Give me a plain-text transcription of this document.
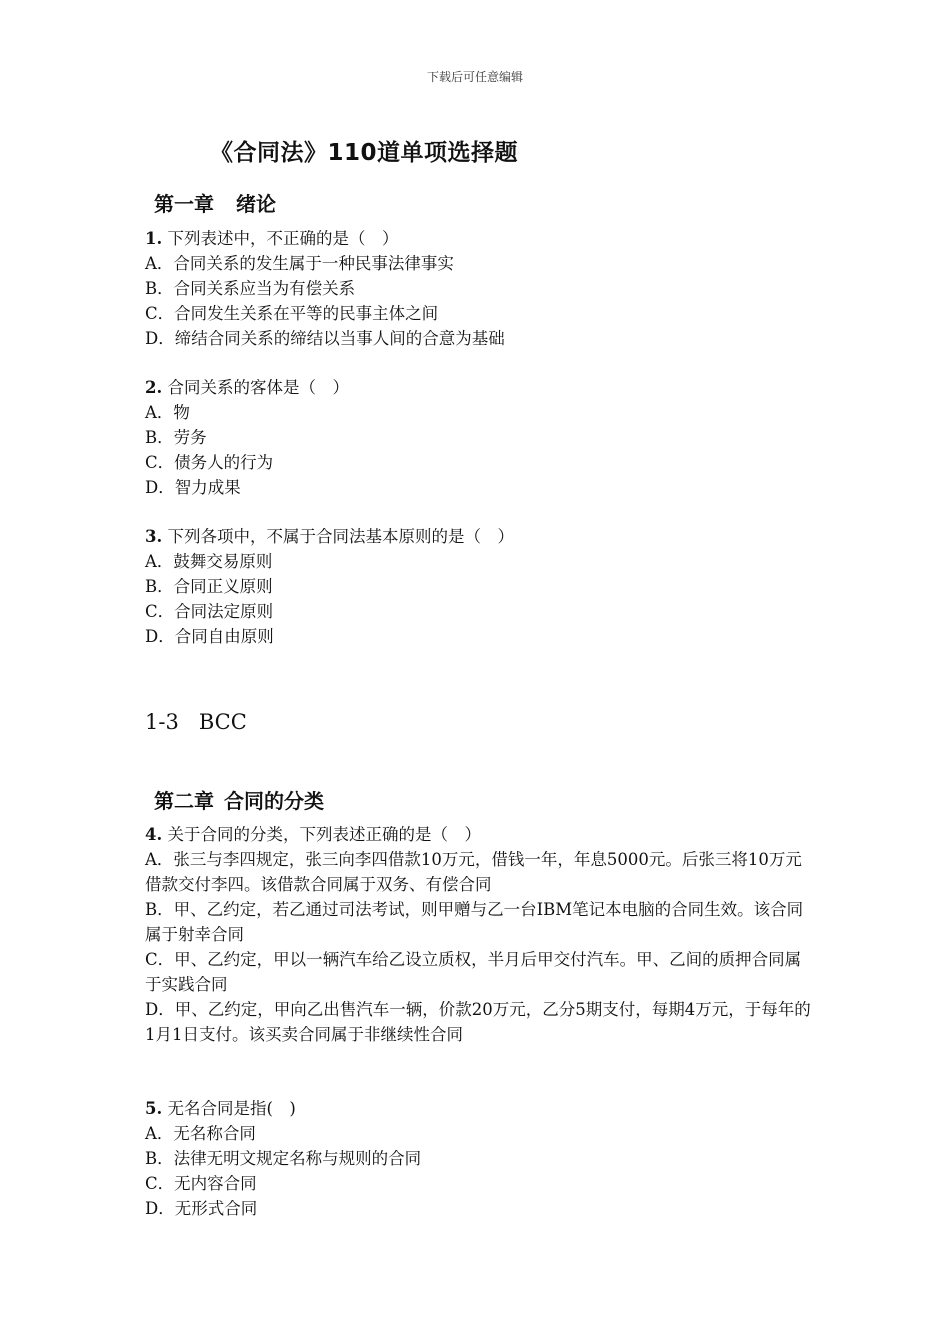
下载后可任意编辑
《合同法》110道单项选择题
第一章 绪论
1. 下列表述中，不正确的是（　）
A．合同关系的发生属于一种民事法律事实
B．合同关系应当为有偿关系
C．合同发生关系在平等的民事主体之间
D．缔结合同关系的缔结以当事人间的合意为基础
2. 合同关系的客体是（　）
A．物
B．劳务
C．债务人的行为
D．智力成果
3. 下列各项中，不属于合同法基本原则的是（　）
A．鼓舞交易原则
B．合同正义原则
C．合同法定原则
D．合同自由原则
1-3 BCC
第二章 合同的分类
4. 关于合同的分类，下列表述正确的是（　）
A．张三与李四规定，张三向李四借款10万元，借钱一年，年息5000元。后张三将10万元借款交付李四。该借款合同属于双务、有偿合同
B．甲、乙约定，若乙通过司法考试，则甲赠与乙一台IBM笔记本电脑的合同生效。该合同属于射幸合同
C．甲、乙约定，甲以一辆汽车给乙设立质权，半月后甲交付汽车。甲、乙间的质押合同属于实践合同
D．甲、乙约定，甲向乙出售汽车一辆，价款20万元，乙分5期支付，每期4万元，于每年的1月1日支付。该买卖合同属于非继续性合同
5. 无名合同是指(　)
A．无名称合同
B．法律无明文规定名称与规则的合同
C．无内容合同
D．无形式合同
